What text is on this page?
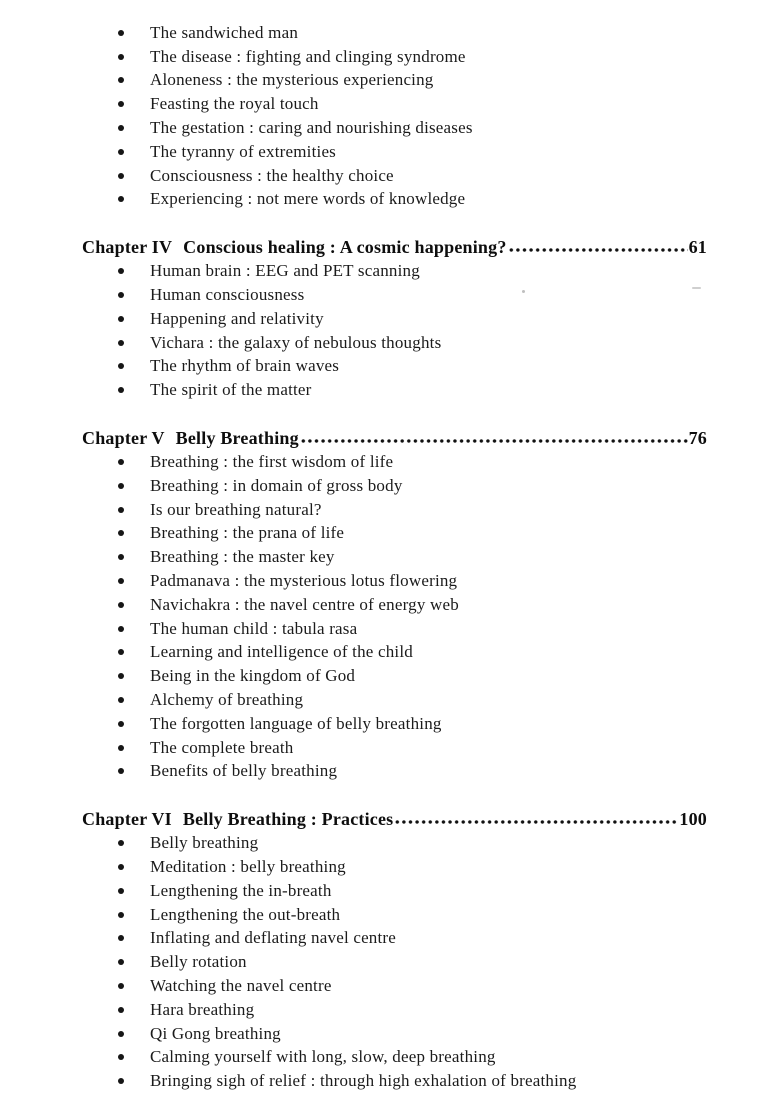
The sandwiched man
The disease : fighting and clinging syndrome
Aloneness : the mysterious experiencing
Feasting the royal touch
The gestation : caring and nourishing diseases
The tyranny of extremities
Consciousness : the healthy choice
Experiencing : not mere words of knowledge
Chapter IV Conscious healing : A cosmic happening?	61
Human brain : EEG and PET scanning
Human consciousness
Happening and relativity
Vichara : the galaxy of nebulous thoughts
The rhythm of brain waves
The spirit of the matter
Chapter V Belly Breathing	76
Breathing : the first wisdom of life
Breathing : in domain of gross body
Is our breathing natural?
Breathing : the prana of life
Breathing : the master key
Padmanava : the mysterious lotus flowering
Navichakra : the navel centre of energy web
The human child : tabula rasa
Learning and intelligence of the child
Being in the kingdom of God
Alchemy of breathing
The forgotten language of belly breathing
The complete breath
Benefits of belly breathing
Chapter VI Belly Breathing : Practices	100
Belly breathing
Meditation : belly breathing
Lengthening the in-breath
Lengthening the out-breath
Inflating and deflating navel centre
Belly rotation
Watching the navel centre
Hara breathing
Qi Gong breathing
Calming yourself with long, slow, deep breathing
Bringing sigh of relief : through high exhalation of breathing
